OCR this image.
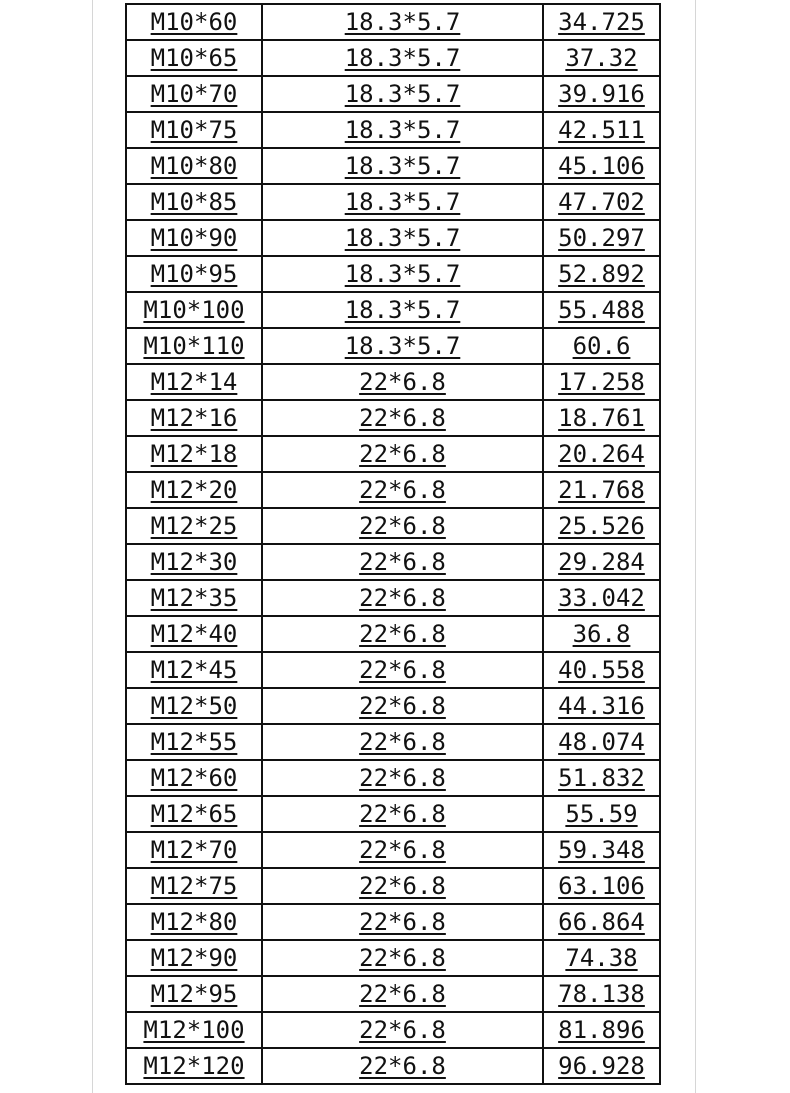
M10*60	18.3*5.7	34.725
M10*65	18.3*5.7	37.32
M10*70	18.3*5.7	39.916
M10*75	18.3*5.7	42.511
M10*80	18.3*5.7	45.106
M10*85	18.3*5.7	47.702
M10*90	18.3*5.7	50.297
M10*95	18.3*5.7	52.892
M10*100	18.3*5.7	55.488
M10*110	18.3*5.7	60.6
M12*14	22*6.8	17.258
M12*16	22*6.8	18.761
M12*18	22*6.8	20.264
M12*20	22*6.8	21.768
M12*25	22*6.8	25.526
M12*30	22*6.8	29.284
M12*35	22*6.8	33.042
M12*40	22*6.8	36.8
M12*45	22*6.8	40.558
M12*50	22*6.8	44.316
M12*55	22*6.8	48.074
M12*60	22*6.8	51.832
M12*65	22*6.8	55.59
M12*70	22*6.8	59.348
M12*75	22*6.8	63.106
M12*80	22*6.8	66.864
M12*90	22*6.8	74.38
M12*95	22*6.8	78.138
M12*100	22*6.8	81.896
M12*120	22*6.8	96.928
